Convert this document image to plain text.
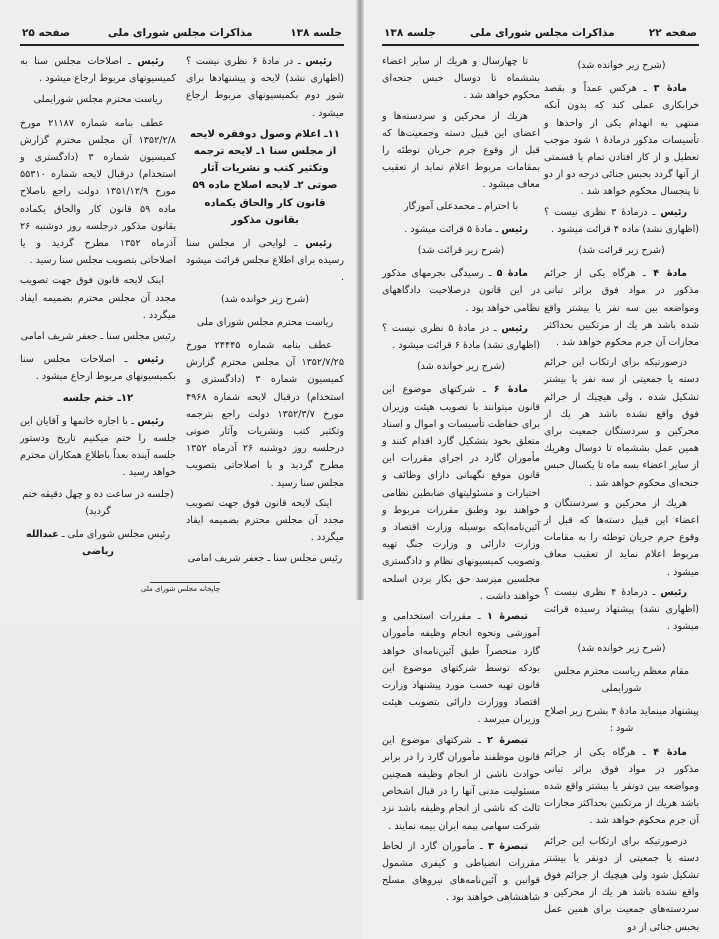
جلسه ۱۳۸
مذاکرات مجلس شورای ملی
صفحه ۲۵

رئیس ـ در مادهٔ ۶ نظری نیست ؟ (اظهاری نشد) لایحه و پیشنهادها برای شور دوم بکمیسیونهای مربوط ارجاع میشود .

۱۱ـ اعلام وصول دوفقره لایحه از مجلس سنا ۱ـ لایحه ترجمه وتکثیر کتب و نشریات آثار صوتی ۲ـ لایحه اصلاح ماده ۵۹ قانون کار والحاق یکماده بقانون مذکور

رئیس ـ لوایحی از مجلس سنا رسیده برای اطلاع مجلس قرائت میشود .

(شرح زیر خوانده شد)

ریاست محترم مجلس شورای ملی

عطف بنامه شماره ۲۴۴۴۵ مورخ ۱۳۵۲/۷/۲۵ آن مجلس محترم گزارش کمیسیون شماره ۳ (دادگستری و استخدام) درقبال لایحه شماره ۴۹۶۸ مورخ ۱۳۵۲/۳/۷ دولت راجع بترجمه وتکثیر کتب ونشریات وآثار صوتی درجلسه روز دوشنبه ۲۶ آذرماه ۱۳۵۲ مطرح گردید و با اصلاحاتی بتصویب مجلس سنا رسید .

اینک لایحه قانون فوق جهت تصویب مجدد آن مجلس محترم بضمیمه ایفاد میگردد .

رئیس مجلس سنا ـ جعفر شریف امامی

رئیس ـ اصلاحات مجلس سنا به کمیسیونهای مربوط ارجاع میشود .

ریاست محترم مجلس شورایملی

عطف بنامه شماره ۲۱۱۸۷ مورخ ۱۳۵۲/۲/۸ آن مجلس محترم گزارش کمیسیون شماره ۳ (دادگستری و استخدام) درقبال لایحه شماره ۵۵۳۱۰ مورخ ۱۳۵۱/۱۲/۹ دولت راجع باصلاح ماده ۵۹ قانون کار والحاق یکماده بقانون مذکور درجلسه روز دوشنبه ۲۶ آذرماه ۱۳۵۲ مطرح گردید و یا اصلاحاتی بتصویب مجلس سنا رسید .

اینک لایحه قانون فوق جهت تصویب مجدد آن مجلس محترم بضمیمه ایفاد میگردد .

رئیس مجلس سنا ـ جعفر شریف امامی

رئیس ـ اصلاحات مجلس سنا بکمیسیونهای مربوط ارجاع میشود .

۱۲ـ ختم جلسه

رئیس ـ با اجازه خانمها و آقایان این جلسه را ختم میکنیم تاریخ ودستور جلسه آینده بعداً باطلاع همکاران محترم خواهد رسید .

(جلسه در ساعت ده و چهل دقیقه ختم گردید)

رئیس مجلس شورای ملی ـ عبدالله ریاضی

چاپخانه مجلس شورای ملی
صفحه ۲۲
مذاکرات مجلس شورای ملی
جلسه ۱۳۸

(شرح زیر خوانده شد)

مادهٔ ۳ ـ هرکس عمداً و بقصد خرابکاری عملی کند که بدون آنکه منتهی به انهدام یکی از واحدها و تأسیسات مذکور درمادهٔ ۱ شود موجب تعطیل و از کار افتادن تمام یا قسمتی از آنها گردد بحبس جنائی درجه دو از دو تا پنجسال محکوم خواهد شد .

رئیس ـ درمادهٔ ۳ نظری نیست ؟ (اظهاری نشد) ماده ۴ قرائت میشود .

(شرح زیر قرائت شد)

مادهٔ ۴ ـ هرگاه یکی از جرائم مذکور در مواد فوق براثر تبانی ومواضعه بین سه نفر یا بیشتر واقع شده باشد هر یك از مرتکبین بحداکثر مجازات آن جرم محکوم خواهد شد .

درصورتیکه برای ارتکاب این جرائم دسته یا جمعیتی از سه نفر یا بیشتر تشکیل شده ، ولی هیچیك از جرائم فوق واقع نشده باشد هر یك از محرکین و سردستگان جمعیت برای همین عمل بششماه تا دوسال وهریك از سایر اعضاء بسه ماه تا یکسال حبس جنحه‌ای محکوم خواهد شد .

هریك از محرکین و سردستگان و اعضاء این قبیل دسته‌ها که قبل از وقوع جرم جریان توطئه را به مقامات مربوط اعلام نماید از تعقیب معاف میشود .

رئیس ـ درمادهٔ ۴ نظری نیست ؟ (اظهاری نشد) پیشنهاد رسیده قرائت میشود .

(شرح زیر خوانده شد)

مقام معظم ریاست محترم مجلس شورایملی

پیشنهاد مینماید مادهٔ ۴ بشرح زیر اصلاح شود :

مادهٔ ۴ ـ هرگاه یکی از جرائم مذکور در مواد فوق براثر تبانی ومواضعه بین دونفر یا بیشتر واقع شده باشد هریك از مرتکبین بحداکثر مجازات آن جرم محکوم خواهد شد .

درصورتیکه برای ارتکاب این جرائم دسته یا جمعیتی از دونفر یا بیشتر تشکیل شود ولی هیچیك از جرائم فوق واقع نشده باشد هر یك از محرکین و سردسته‌های جمعیت برای همین عمل بحبس جنائی از دو

تا چهارسال و هریك از سایر اعضاء بششماه تا دوسال حبس جنحه‌ای محکوم خواهد شد .

هریك از محرکین و سردسته‌ها و اعضای این قبیل دسته وجمعیت‌ها که قبل از وقوع جرم جریان توطئه را بمقامات مربوط اعلام نماید از تعقیب معاف میشود .

با احترام ـ محمدعلی آموزگار

رئیس ـ مادهٔ ۵ قرائت میشود .

(شرح زیر قرائت شد)

مادهٔ ۵ ـ رسیدگی بجرمهای مذکور در این قانون درصلاحیت دادگاههای نظامی خواهد بود .

رئیس ـ در مادهٔ ۵ نظری نیست ؟ (اظهاری نشد) مادهٔ ۶ قرائت میشود .

(شرح زیر خوانده شد)

مادهٔ ۶ ـ شرکتهای موضوع این قانون میتوانند با تصویب هیئت وزیران برای حفاظت تأسیسات و اموال و اسناد متعلق بخود بتشکیل گارد اقدام کنند و مأموران گارد در اجرای مقررات این قانون موقع نگهبانی دارای وظائف و اختیارات و مسئولیتهای ضابطین نظامی خواهند بود وطبق مقررات مربوط و آئین‌نامه‌ایکه بوسیله وزارت اقتصاد و وزارت دارائی و وزارت جنگ تهیه وتصویب کمیسیونهای نظام و دادگستری مجلسین میرسد حق بکار بردن اسلحه خواهند داشت .

تبصرهٔ ۱ ـ مقررات استخدامی و آموزشی ونحوه انجام وظیفه مأموران گارد منحصراً طبق آئین‌نامه‌ای خواهد بودکه توسط شرکتهای موضوع این قانون تهیه حسب مورد پیشنهاد وزارت اقتصاد ووزارت دارائی بتصویب هیئت وزیران میرسد .

تبصرهٔ ۲ ـ شرکتهای موضوع این قانون موظفند مأموران گارد را در برابر حوادث ناشی از انجام وظیفه همچنین مسئولیت مدنی آنها را در قبال اشخاص ثالث که ناشی از انجام وظیفه باشد نزد شرکت سهامی بیمه ایران بیمه نمایند .

تبصرهٔ ۳ ـ مأموران گارد از لحاظ مقررات انضباطی و کیفری مشمول قوانین و آئین‌نامه‌های نیروهای مسلح شاهنشاهی خواهند بود .
